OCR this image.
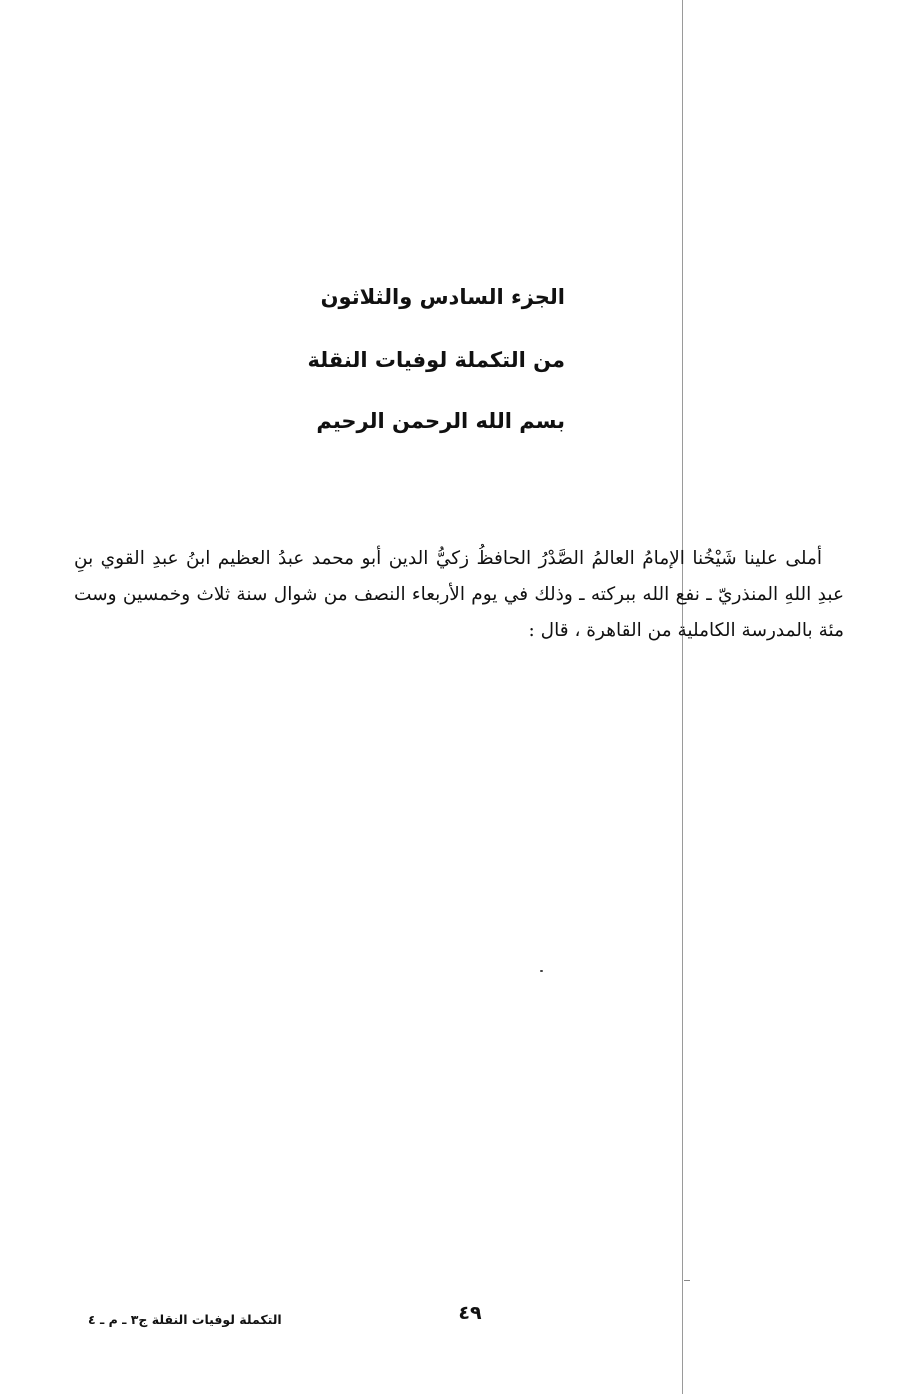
الجزء السادس والثلاثون
من التكملة لوفيات النقلة
بسم الله الرحمن الرحيم

أملى علينا شَيْخُنا الإمامُ العالمُ الصَّدْرُ الحافظُ زكيُّ الدين أبو محمد عبدُ العظيم ابنُ عبدِ القوي بنِ عبدِ اللهِ المنذريّ ـ نفع الله ببركته ـ وذلك في يوم الأربعاء النصف من شوال سنة ثلاث وخمسين وست مئة بالمدرسة الكاملية من القاهرة ، قال :

٤٩
التكملة لوفيات النقلة ج٣ ـ م ـ ٤
